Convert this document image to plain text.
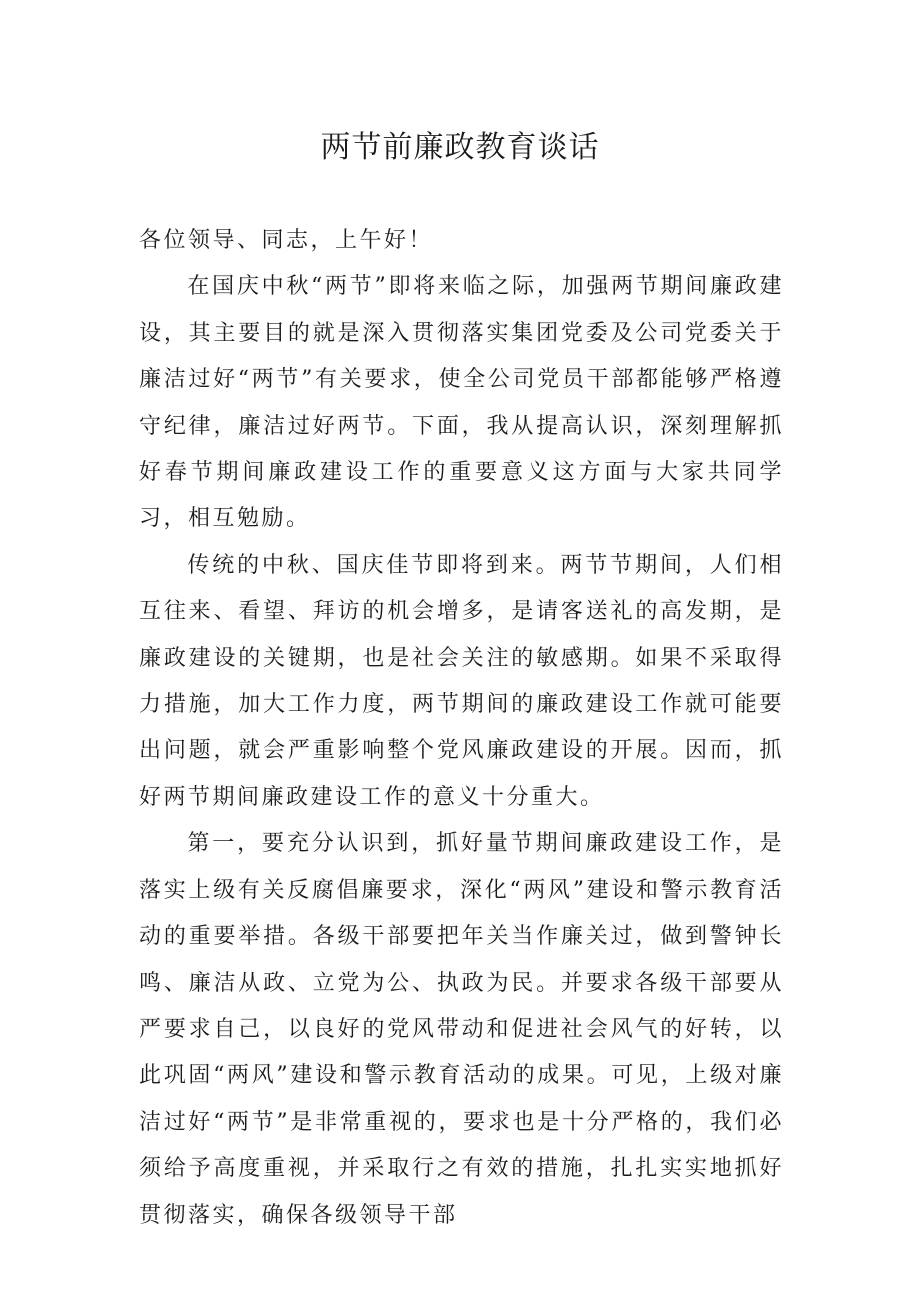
两节前廉政教育谈话

各位领导、同志，上午好！

在国庆中秋“两节”即将来临之际，加强两节期间廉政建设，其主要目的就是深入贯彻落实集团党委及公司党委关于廉洁过好“两节”有关要求，使全公司党员干部都能够严格遵守纪律，廉洁过好两节。下面，我从提高认识，深刻理解抓好春节期间廉政建设工作的重要意义这方面与大家共同学习，相互勉励。

传统的中秋、国庆佳节即将到来。两节节期间，人们相互往来、看望、拜访的机会增多，是请客送礼的高发期，是廉政建设的关键期，也是社会关注的敏感期。如果不采取得力措施，加大工作力度，两节期间的廉政建设工作就可能要出问题，就会严重影响整个党风廉政建设的开展。因而，抓好两节期间廉政建设工作的意义十分重大。

第一，要充分认识到，抓好量节期间廉政建设工作，是落实上级有关反腐倡廉要求，深化“两风”建设和警示教育活动的重要举措。各级干部要把年关当作廉关过，做到警钟长鸣、廉洁从政、立党为公、执政为民。并要求各级干部要从严要求自己，以良好的党风带动和促进社会风气的好转，以此巩固“两风”建设和警示教育活动的成果。可见，上级对廉洁过好“两节”是非常重视的，要求也是十分严格的，我们必须给予高度重视，并采取行之有效的措施，扎扎实实地抓好贯彻落实，确保各级领导干部
